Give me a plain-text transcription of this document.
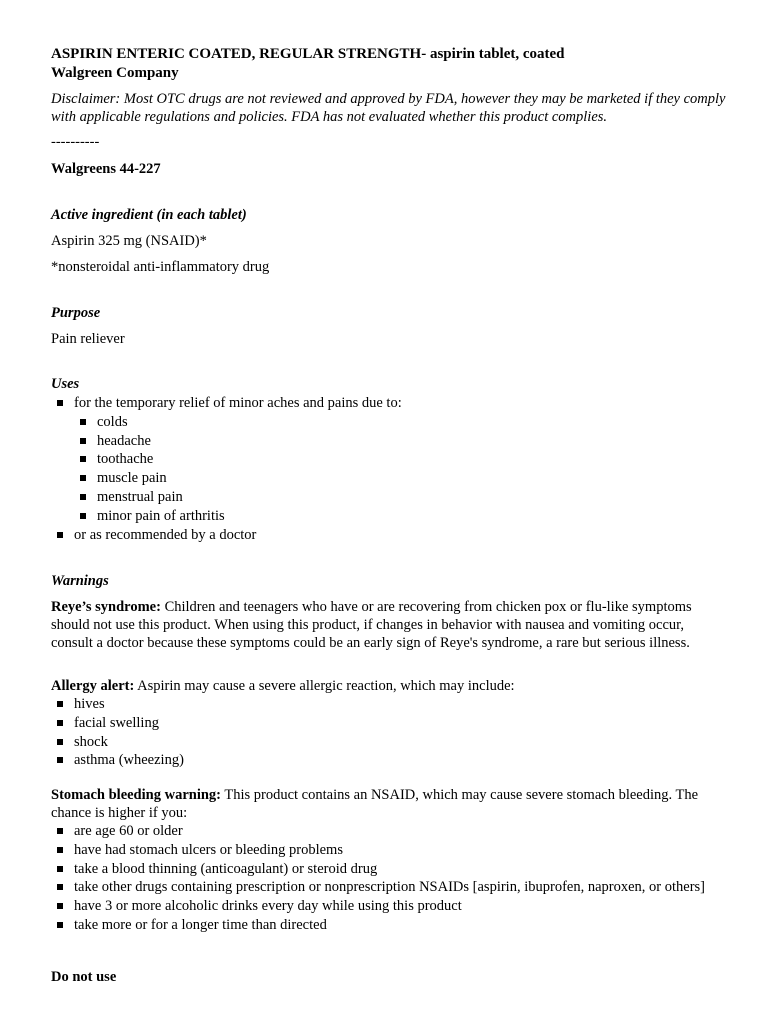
ASPIRIN ENTERIC COATED, REGULAR STRENGTH- aspirin tablet, coated
Walgreen Company
Disclaimer: Most OTC drugs are not reviewed and approved by FDA, however they may be marketed if they comply with applicable regulations and policies. FDA has not evaluated whether this product complies.
----------
Walgreens 44-227
Active ingredient (in each tablet)
Aspirin 325 mg (NSAID)*
*nonsteroidal anti-inflammatory drug
Purpose
Pain reliever
Uses
for the temporary relief of minor aches and pains due to:
colds
headache
toothache
muscle pain
menstrual pain
minor pain of arthritis
or as recommended by a doctor
Warnings
Reye’s syndrome: Children and teenagers who have or are recovering from chicken pox or flu-like symptoms should not use this product. When using this product, if changes in behavior with nausea and vomiting occur, consult a doctor because these symptoms could be an early sign of Reye's syndrome, a rare but serious illness.
Allergy alert: Aspirin may cause a severe allergic reaction, which may include:
hives
facial swelling
shock
asthma (wheezing)
Stomach bleeding warning: This product contains an NSAID, which may cause severe stomach bleeding. The chance is higher if you:
are age 60 or older
have had stomach ulcers or bleeding problems
take a blood thinning (anticoagulant) or steroid drug
take other drugs containing prescription or nonprescription NSAIDs [aspirin, ibuprofen, naproxen, or others]
have 3 or more alcoholic drinks every day while using this product
take more or for a longer time than directed
Do not use
